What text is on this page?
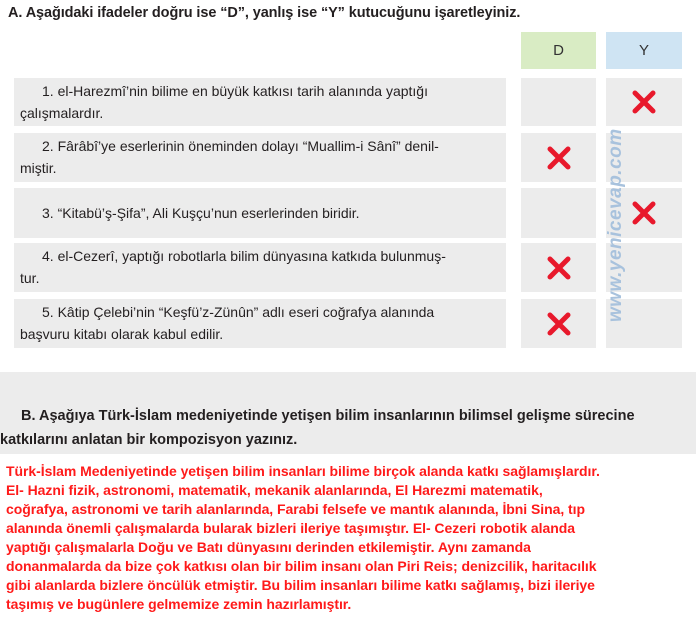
A. Aşağıdaki ifadeler doğru ise “D”, yanlış ise “Y” kutucuğunu işaretleyiniz.
D	Y
1. el-Harezmî’nin bilime en büyük katkısı tarih alanında yaptığı
çalışmalardır.
2. Fârâbî’ye eserlerinin öneminden dolayı “Muallim-i Sânî” denil-
miştir.
3. “Kitabü’ş-Şifa”, Ali Kuşçu’nun eserlerinden biridir.
4. el-Cezerî, yaptığı robotlarla bilim dünyasına katkıda bulunmuş-
tur.
5. Kâtip Çelebi’nin “Keşfü’z-Zünûn” adlı eseri coğrafya alanında
başvuru kitabı olarak kabul edilir.
www.yenicevap.com
B. Aşağıya Türk-İslam medeniyetinde yetişen bilim insanlarının bilimsel gelişme sürecine
katkılarını anlatan bir kompozisyon yazınız.
Türk-İslam Medeniyetinde yetişen bilim insanları bilime birçok alanda katkı sağlamışlardır.
El- Hazni fizik, astronomi, matematik, mekanik alanlarında, El Harezmi matematik,
coğrafya, astronomi ve tarih alanlarında, Farabi felsefe ve mantık alanında, İbni Sina, tıp
alanında önemli çalışmalarda bularak bizleri ileriye taşımıştır. El- Cezeri robotik alanda
yaptığı çalışmalarla Doğu ve Batı dünyasını derinden etkilemiştir. Aynı zamanda
donanmalarda da bize çok katkısı olan bir bilim insanı olan Piri Reis; denizcilik, haritacılık
gibi alanlarda bizlere öncülük etmiştir. Bu bilim insanları bilime katkı sağlamış, bizi ileriye
taşımış ve bugünlere gelmemize zemin hazırlamıştır.
